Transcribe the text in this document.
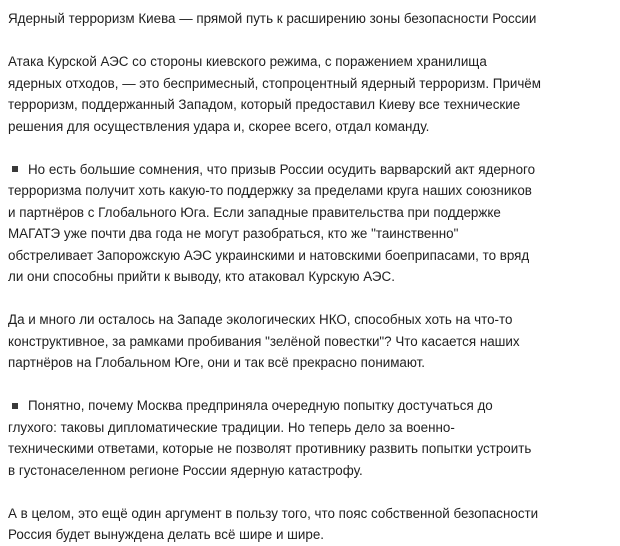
Ядерный терроризм Киева — прямой путь к расширению зоны безопасности России

Атака Курской АЭС со стороны киевского режима, с поражением хранилища
ядерных отходов, — это беспримесный, стопроцентный ядерный терроризм. Причём
терроризм, поддержанный Западом, который предоставил Киеву все технические
решения для осуществления удара и, скорее всего, отдал команду.

Но есть большие сомнения, что призыв России осудить варварский акт ядерного
терроризма получит хоть какую-то поддержку за пределами круга наших союзников
и партнёров с Глобального Юга. Если западные правительства при поддержке
МАГАТЭ уже почти два года не могут разобраться, кто же "таинственно"
обстреливает Запорожскую АЭС украинскими и натовскими боеприпасами, то вряд
ли они способны прийти к выводу, кто атаковал Курскую АЭС.

Да и много ли осталось на Западе экологических НКО, способных хоть на что-то
конструктивное, за рамками пробивания "зелёной повестки"? Что касается наших
партнёров на Глобальном Юге, они и так всё прекрасно понимают.

Понятно, почему Москва предприняла очередную попытку достучаться до
глухого: таковы дипломатические традиции. Но теперь дело за военно-
техническими ответами, которые не позволят противнику развить попытки устроить
в густонаселенном регионе России ядерную катастрофу.

А в целом, это ещё один аргумент в пользу того, что пояс собственной безопасности
Россия будет вынуждена делать всё шире и шире.
